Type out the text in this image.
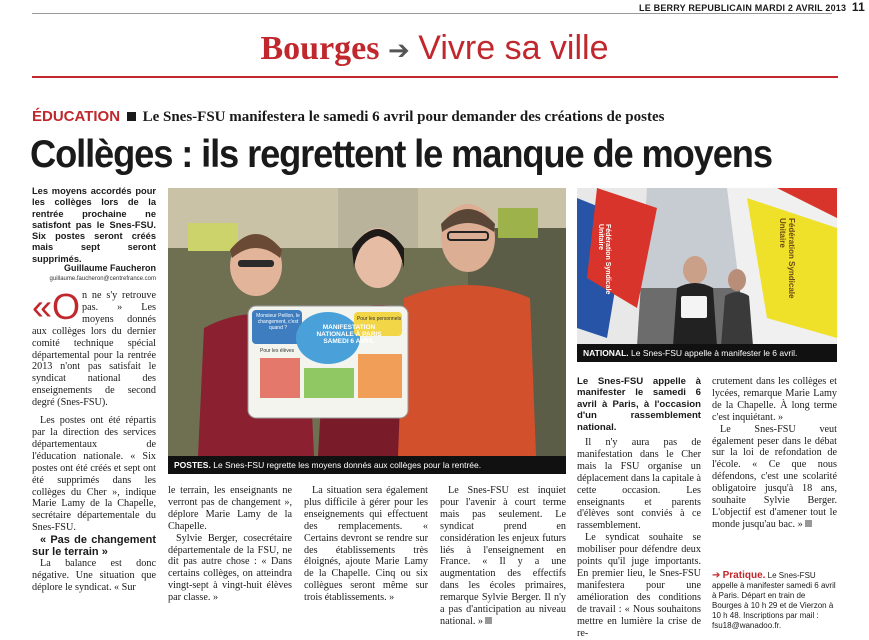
LE BERRY REPUBLICAIN MARDI 2 AVRIL 2013 11
Bourges ➔ Vivre sa ville
ÉDUCATION Le Snes-FSU manifestera le samedi 6 avril pour demander des créations de postes
Collèges : ils regrettent le manque de moyens
Les moyens accordés pour les collèges lors de la rentrée prochaine ne satisfont pas le Snes-FSU. Six postes seront créés mais sept seront supprimés.
Guillaume Faucheron
guillaume.faucheron@centrefrance.com

«O n ne s'y retrouve pas. » Les moyens donnés aux collèges lors du dernier comité technique spécial départemental pour la rentrée 2013 n'ont pas satisfait le syndicat national des enseignements de second degré (Snes-FSU).

Les postes ont été répartis par la direction des services départementaux de l'éducation nationale. « Six postes ont été créés et sept ont été supprimés dans les collèges du Cher », indique Marie Lamy de la Chapelle, secrétaire départementale du Snes-FSU.

« Pas de changement sur le terrain »

La balance est donc négative. Une situation que déplore le syndicat. « Sur

MANIFESTATION NATIONALE À PARIS SAMEDI 6 AVRIL
Monsieur Peillon, le changement, c'est quand ?
Pour les personnels
Pour les élèves
POSTES. Le Snes-FSU regrette les moyens donnés aux collèges pour la rentrée.

le terrain, les enseignants ne verront pas de changement », déplore Marie Lamy de la Chapelle.

Sylvie Berger, cosecrétaire départementale de la FSU, ne dit pas autre chose : « Dans certains collèges, on atteindra vingt-sept à vingt-huit élèves par classe. »

La situation sera également plus difficile à gérer pour les enseignements qui effectuent des remplacements. « Certains devront se rendre sur des établissements très éloignés, ajoute Marie Lamy de la Chapelle. Cinq ou six collègues seront même sur trois établissements. »

Le Snes-FSU est inquiet pour l'avenir à court terme mais pas seulement. Le syndicat prend en considération les enjeux futurs liés à l'enseignement en France. « Il y a une augmentation des effectifs dans les écoles primaires, remarque Sylvie Berger. Il n'y a pas d'anticipation au niveau national. »

Fédération Syndicale Unitaire	Fédération Syndicale Unitaire
NATIONAL. Le Snes-FSU appelle à manifester le 6 avril.
Le Snes-FSU appelle à manifester le samedi 6 avril à Paris, à l'occasion d'un rassemblement national.

Il n'y aura pas de manifestation dans le Cher mais la FSU organise un déplacement dans la capitale à cette occasion. Les enseignants et parents d'élèves sont conviés à ce rassemblement.

Le syndicat souhaite se mobiliser pour défendre deux points qu'il juge importants. En premier lieu, le Snes-FSU manifestera pour une amélioration des conditions de travail : « Nous souhaitons mettre en lumière la crise de re-

crutement dans les collèges et lycées, remarque Marie Lamy de la Chapelle. À long terme c'est inquiétant. »

Le Snes-FSU veut également peser dans le débat sur la loi de refondation de l'école. « Ce que nous défendons, c'est une scolarité obligatoire jusqu'à 18 ans, souhaite Sylvie Berger. L'objectif est d'amener tout le monde jusqu'au bac. »

➔ Pratique. Le Snes-FSU appelle à manifester samedi 6 avril à Paris. Départ en train de Bourges à 10 h 29 et de Vierzon à 10 h 48. Inscriptions par mail : fsu18@wanadoo.fr.
